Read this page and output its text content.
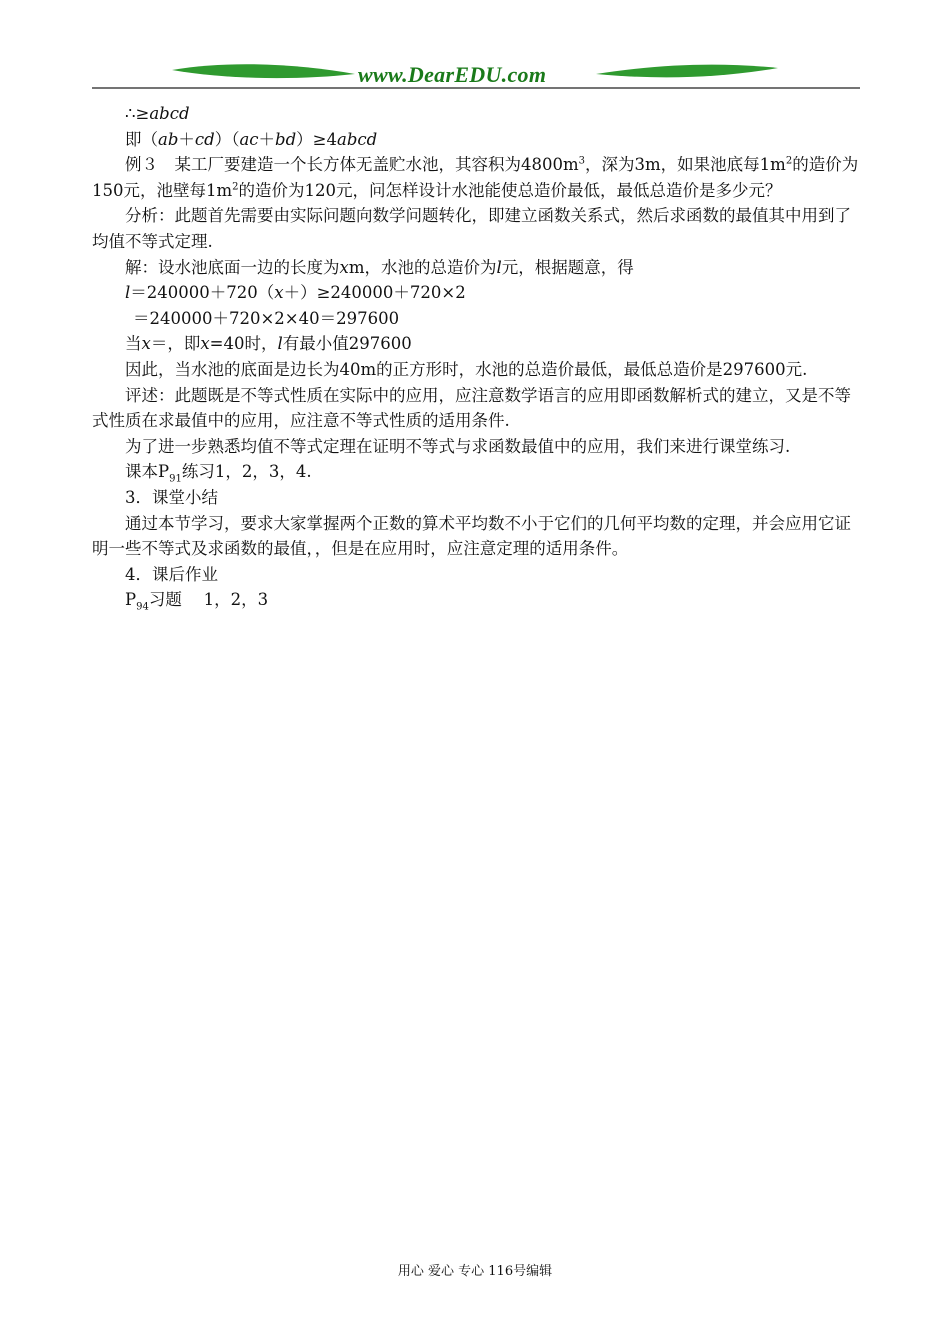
www.DearEDU.com

∴≥abcd

即（ab＋cd）（ac＋bd）≥4abcd

例３　某工厂要建造一个长方体无盖贮水池，其容积为$4800m^3$，深为3m，如果池底每$1m^2$的造价为150元，池壁每$1m^2$的造价为120元，问怎样设计水池能使总造价最低，最低总造价是多少元？

分析：此题首先需要由实际问题向数学问题转化，即建立函数关系式，然后求函数的最值其中用到了均值不等式定理.

解：设水池底面一边的长度为xm，水池的总造价为l元，根据题意，得

l＝240000＋720（x＋）≥240000＋720×2

＝240000＋720×2×40＝297600

当x＝，即x=40时，l有最小值297600

因此，当水池的底面是边长为40m的正方形时，水池的总造价最低，最低总造价是297600元.

评述：此题既是不等式性质在实际中的应用，应注意数学语言的应用即函数解析式的建立，又是不等式性质在求最值中的应用，应注意不等式性质的适用条件.

为了进一步熟悉均值不等式定理在证明不等式与求函数最值中的应用，我们来进行课堂练习.

课本$P_{91}$练习1，2，3，4.

3．课堂小结

通过本节学习，要求大家掌握两个正数的算术平均数不小于它们的几何平均数的定理，并会应用它证明一些不等式及求函数的最值，，但是在应用时，应注意定理的适用条件。

4．课后作业

$P_{94}$习题　 1，2，3

用心 爱心 专心 116号编辑
